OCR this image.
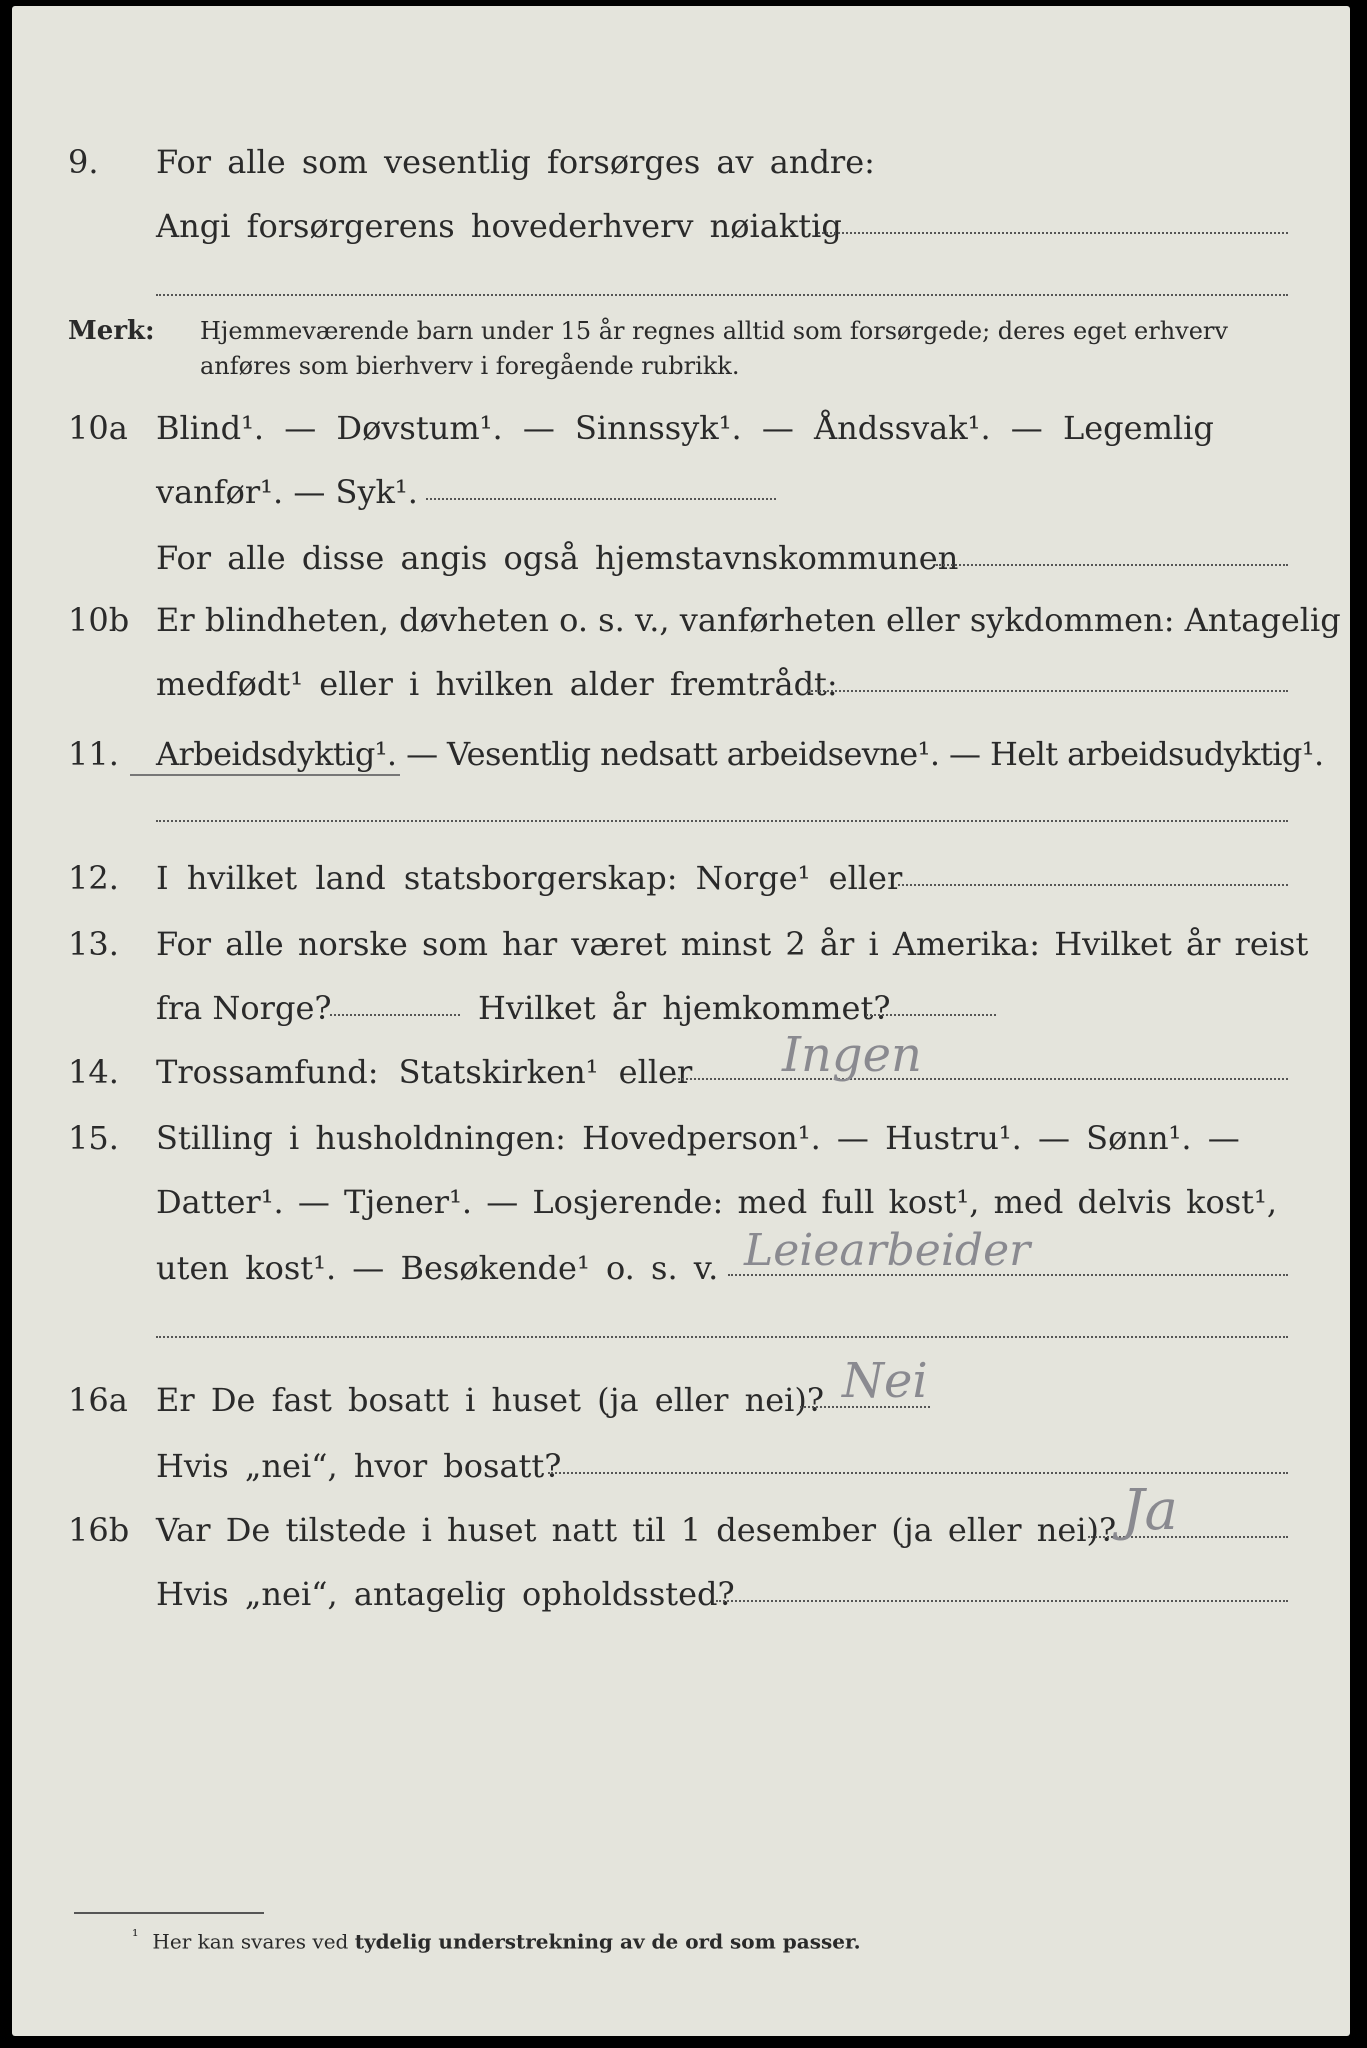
9. For alle som vesentlig forsørges av andre:
Angi forsørgerens hovederhverv nøiaktig
Merk: Hjemmeværende barn under 15 år regnes alltid som forsørgede; deres eget erhverv
anføres som bierhverv i foregående rubrikk.
10a Blind¹. — Døvstum¹. — Sinnssyk¹. — Åndssvak¹. — Legemlig
vanfør¹. — Syk¹.
For alle disse angis også hjemstavnskommunen
10b Er blindheten, døvheten o. s. v., vanførheten eller sykdommen: Antagelig
medfødt¹ eller i hvilken alder fremtrådt:
11. Arbeidsdyktig¹. — Vesentlig nedsatt arbeidsevne¹. — Helt arbeidsudyktig¹.
12. I hvilket land statsborgerskap: Norge¹ eller
13. For alle norske som har været minst 2 år i Amerika: Hvilket år reist
fra Norge?	Hvilket år hjemkommet?
14. Trossamfund: Statskirken¹ eller Ingen
15. Stilling i husholdningen: Hovedperson¹. — Hustru¹. — Sønn¹. —
Datter¹. — Tjener¹. — Losjerende: med full kost¹, med delvis kost¹,
uten kost¹. — Besøkende¹ o. s. v. Leiearbeider
16a Er De fast bosatt i huset (ja eller nei)? Nei
Hvis „nei“, hvor bosatt?
16b Var De tilstede i huset natt til 1 desember (ja eller nei)? Ja
Hvis „nei“, antagelig opholdssted?
$^{^1}$ Her kan svares ved tydelig understrekning av de ord som passer.
